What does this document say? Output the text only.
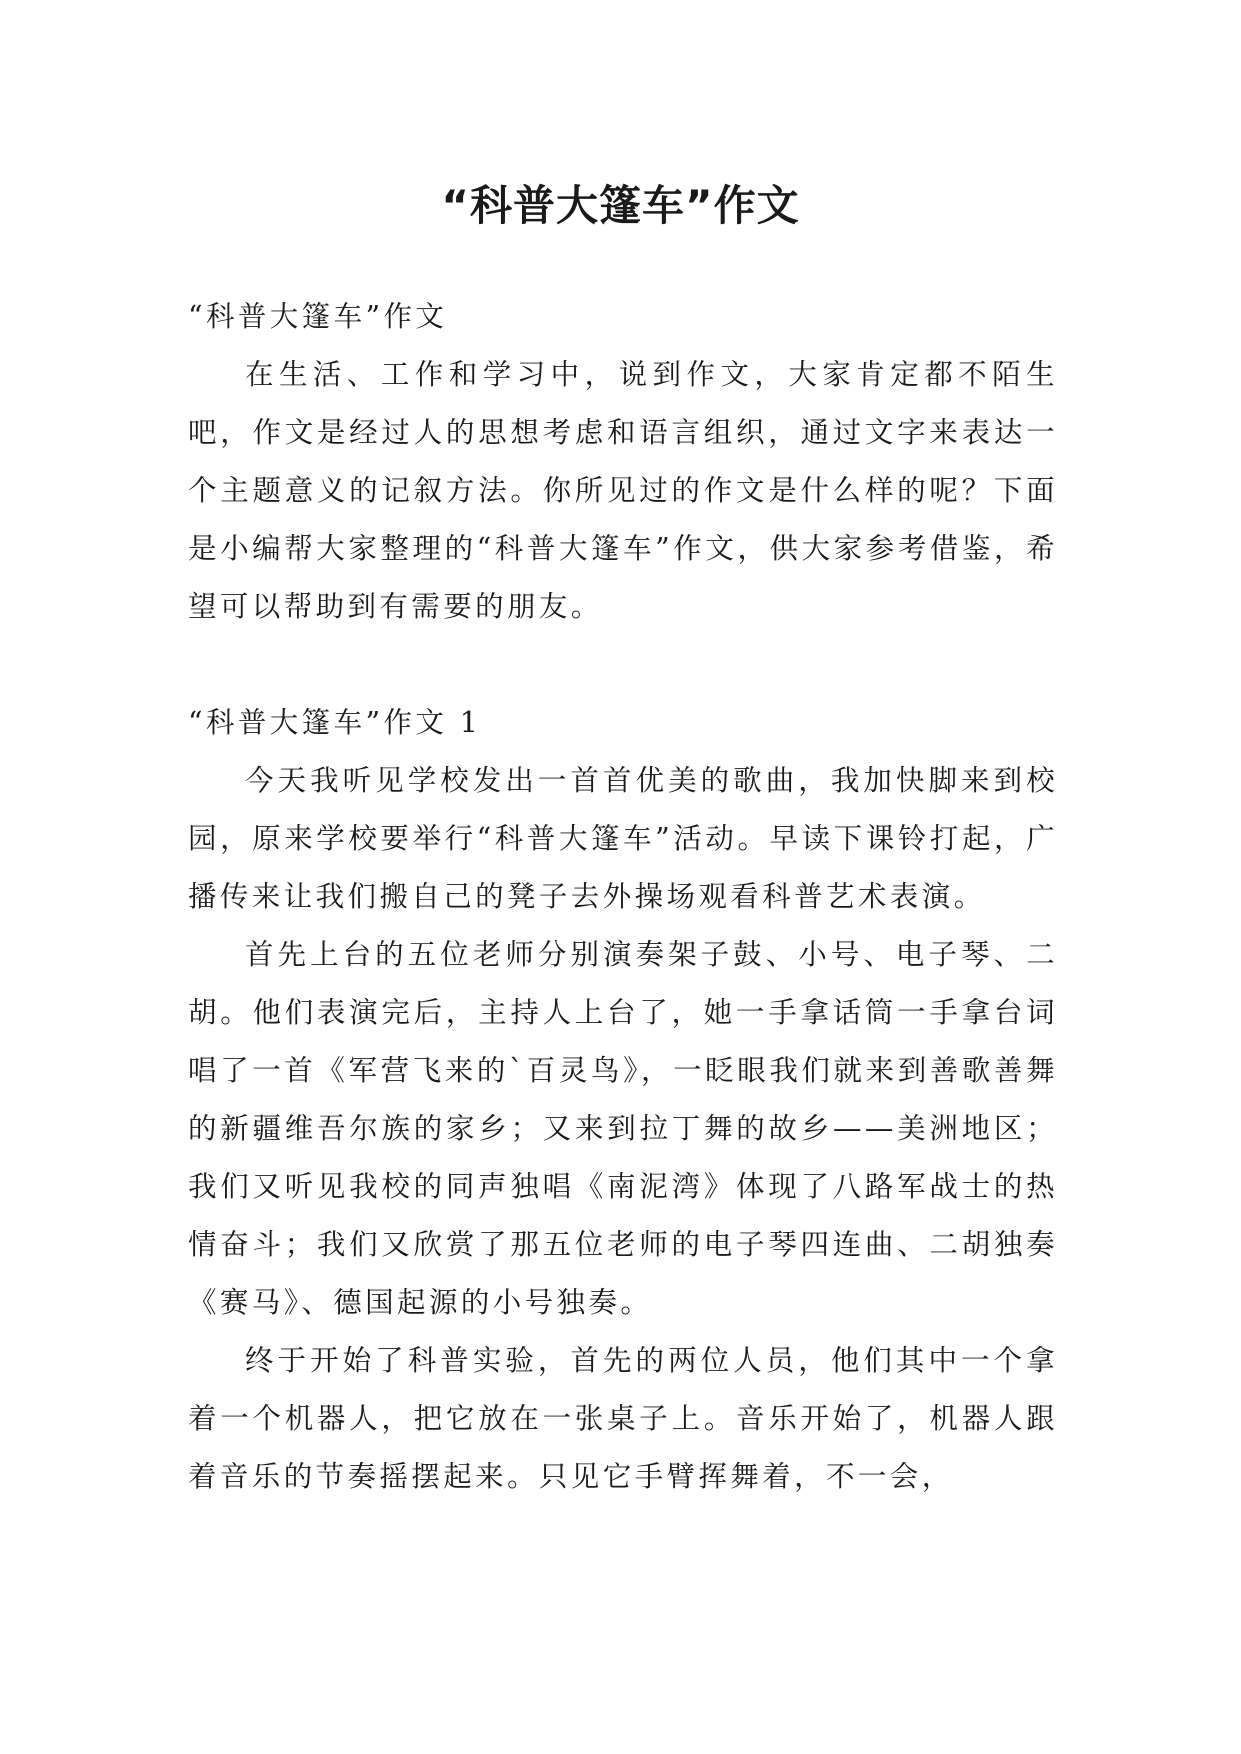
“科普大篷车”作文

“科普大篷车”作文

在生活、工作和学习中，说到作文，大家肯定都不陌生吧，作文是经过人的思想考虑和语言组织，通过文字来表达一个主题意义的记叙方法。你所见过的作文是什么样的呢？下面是小编帮大家整理的“科普大篷车”作文，供大家参考借鉴，希望可以帮助到有需要的朋友。

“科普大篷车”作文 1

今天我听见学校发出一首首优美的歌曲，我加快脚来到校园，原来学校要举行“科普大篷车”活动。早读下课铃打起，广播传来让我们搬自己的凳子去外操场观看科普艺术表演。

首先上台的五位老师分别演奏架子鼓、小号、电子琴、二胡。他们表演完后，主持人上台了，她一手拿话筒一手拿台词唱了一首《军营飞来的`百灵鸟》，一眨眼我们就来到善歌善舞的新疆维吾尔族的家乡；又来到拉丁舞的故乡——美洲地区；我们又听见我校的同声独唱《南泥湾》体现了八路军战士的热情奋斗；我们又欣赏了那五位老师的电子琴四连曲、二胡独奏《赛马》、德国起源的小号独奏。

终于开始了科普实验，首先的两位人员，他们其中一个拿着一个机器人，把它放在一张桌子上。音乐开始了，机器人跟着音乐的节奏摇摆起来。只见它手臂挥舞着，不一会，
